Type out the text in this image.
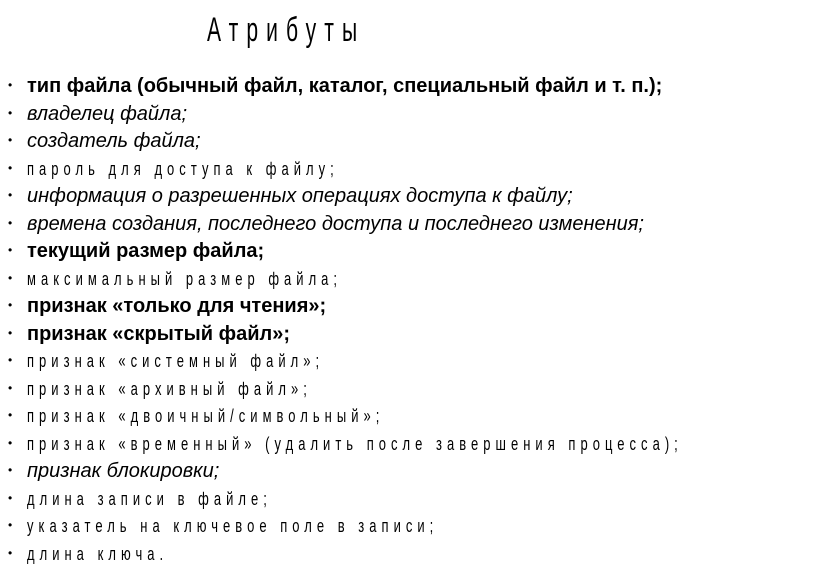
Атрибуты
• тип файла (обычный файл, каталог, специальный файл и т. п.);
• владелец файла;
• создатель файла;
• пароль для доступа к файлу;
• информация о разрешенных операциях доступа к файлу;
• времена создания, последнего доступа и последнего изменения;
• текущий размер файла;
• максимальный размер файла;
• признак «только для чтения»;
• признак «скрытый файл»;
• признак «системный файл»;
• признак «архивный файл»;
• признак «двоичный/символьный»;
• признак «временный» (удалить после завершения процесса);
• признак блокировки;
• длина записи в файле;
• указатель на ключевое поле в записи;
• длина ключа.
